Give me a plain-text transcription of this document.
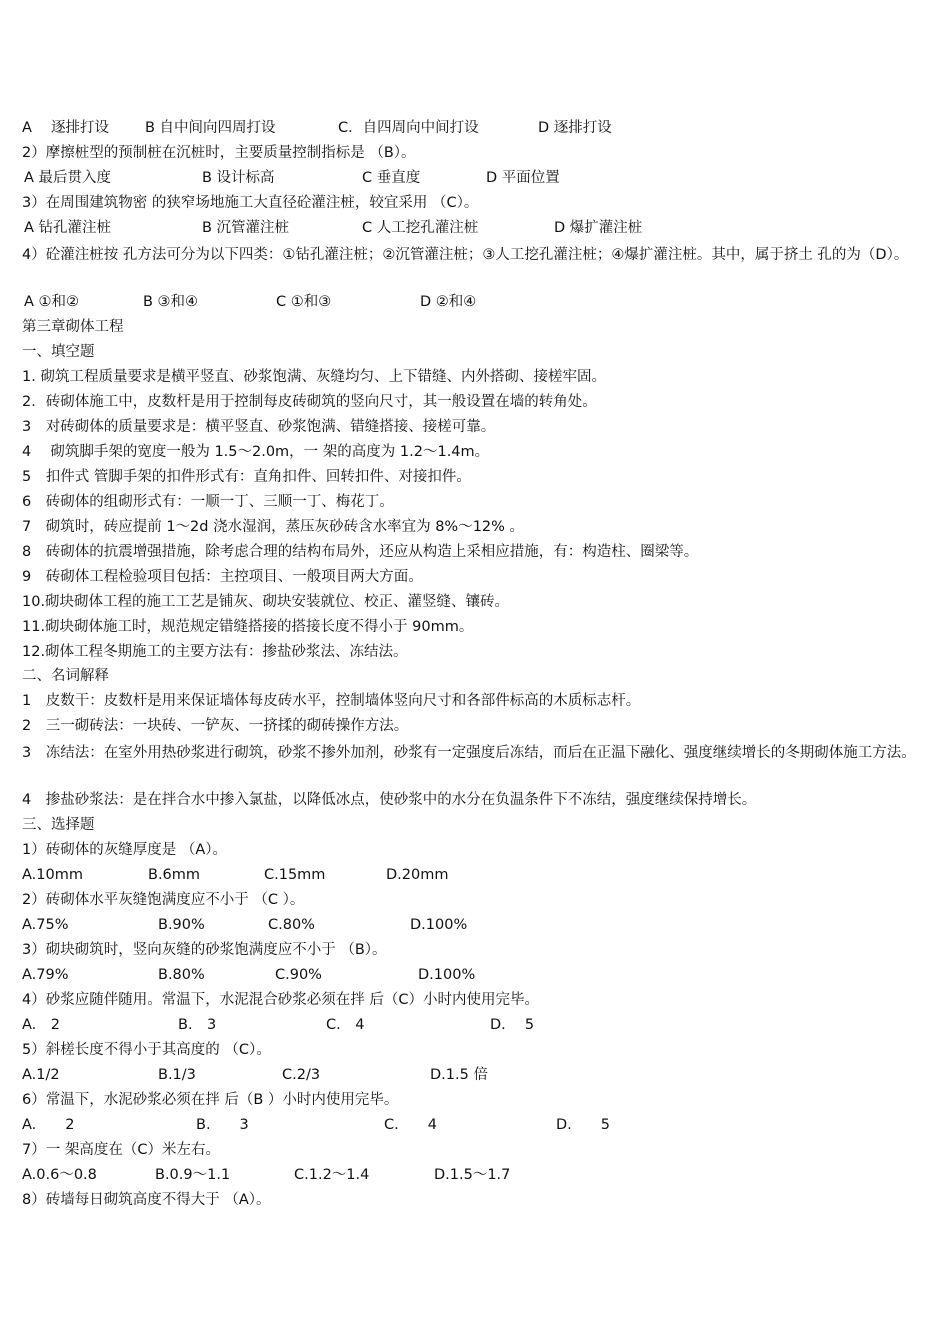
A　 逐排打设 B 自中间向四周打设	C．自四周向中间打设	D 逐排打设
2）摩擦桩型的预制桩在沉桩时，主要质量控制指标是 （B）。
A 最后贯入度	B 设计标高	C 垂直度	D 平面位置
3）在周围建筑物密 的狭窄场地施工大直径砼灌注桩，较宜采用 （C）。
A 钻孔灌注桩	B 沉管灌注桩	C 人工挖孔灌注桩	D 爆扩灌注桩
4）砼灌注桩按 孔方法可分为以下四类：①钻孔灌注桩；②沉管灌注桩；③人工挖孔灌注桩；④爆扩灌注桩。其中，属于挤土 孔的为（D）。
A ①和②	B ③和④	C ①和③	D ②和④
第三章砌体工程
一、填空题
1. 砌筑工程质量要求是横平竖直、砂浆饱满、灰缝均匀、上下错缝、内外搭砌、接槎牢固。
2．砖砌体施工中，皮数杆是用于控制每皮砖砌筑的竖向尺寸，其一般设置在墙的转角处。
3　对砖砌体的质量要求是：横平竖直、砂浆饱满、错缝搭接、接槎可靠。
4　 砌筑脚手架的宽度一般为 1.5～2.0m，一 架的高度为 1.2～1.4m。
5　扣件式 管脚手架的扣件形式有：直角扣件、回转扣件、对接扣件。
6　砖砌体的组砌形式有：一顺一丁、三顺一丁、梅花丁。
7　砌筑时，砖应提前 1～2d 浇水湿润，蒸压灰砂砖含水率宜为 8%～12% 。
8　砖砌体的抗震增强措施，除考虑合理的结构布局外，还应从构造上采相应措施，有：构造柱、圈梁等。
9　砖砌体工程检验项目包括：主控项目、一般项目两大方面。
10.砌块砌体工程的施工工艺是铺灰、砌块安装就位、校正、灌竖缝、镶砖。
11.砌块砌体施工时，规范规定错缝搭接的搭接长度不得小于 90mm。
12.砌体工程冬期施工的主要方法有：掺盐砂浆法、冻结法。
二、名词解释
1　皮数干：皮数杆是用来保证墙体每皮砖水平，控制墙体竖向尺寸和各部件标高的木质标志杆。
2　三一砌砖法：一块砖、一铲灰、一挤揉的砌砖操作方法。
3　冻结法：在室外用热砂浆进行砌筑，砂浆不掺外加剂，砂浆有一定强度后冻结，而后在正温下融化、强度继续增长的冬期砌体施工方法。
4　掺盐砂浆法：是在拌合水中掺入氯盐，以降低冰点，使砂浆中的水分在负温条件下不冻结，强度继续保持增长。
三、选择题
1）砖砌体的灰缝厚度是 （A）。
A.10mm	B.6mm	C.15mm	D.20mm
2）砖砌体水平灰缝饱满度应不小于 （C ）。
A.75%	B.90%	C.80%	D.100%
3）砌块砌筑时，竖向灰缝的砂浆饱满度应不小于 （B）。
A.79%	B.80%	C.90%	D.100%
4）砂浆应随伴随用。常温下，水泥混合砂浆必须在拌 后（C）小时内使用完毕。
A.　2	B.　3	C.　4	D.　 5
5）斜槎长度不得小于其高度的 （C）。
A.1/2	B.1/3	C.2/3	D.1.5 倍
6）常温下，水泥砂浆必须在拌 后（B ）小时内使用完毕。
A.　　2	B.　　3	C.　　4	D.　　5
7）一 架高度在（C）米左右。
A.0.6～0.8	B.0.9～1.1	C.1.2～1.4	D.1.5～1.7
8）砖墙每日砌筑高度不得大于 （A）。
